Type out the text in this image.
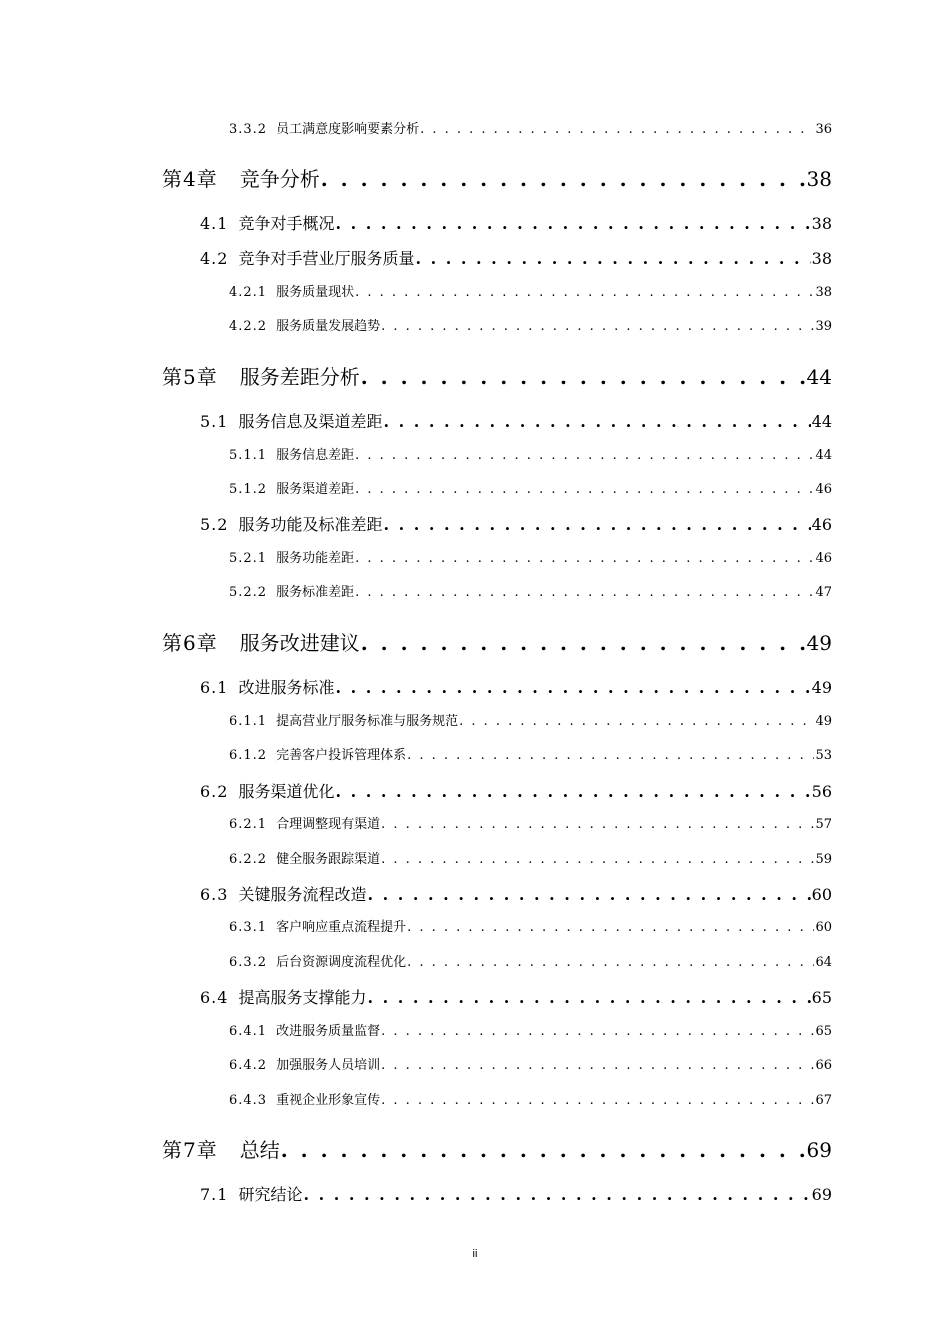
3.3.2 员工满意度影响要素分析 . . .	36
第4章 竞争分析 . . .	38
4.1 竞争对手概况 . . .	38
4.2 竞争对手营业厅服务质量 . . .	38
4.2.1 服务质量现状 . . .	38
4.2.2 服务质量发展趋势 . . .	39
第5章 服务差距分析 . . .	44
5.1 服务信息及渠道差距 . . .	44
5.1.1 服务信息差距 . . .	44
5.1.2 服务渠道差距 . . .	46
5.2 服务功能及标准差距 . . .	46
5.2.1 服务功能差距 . . .	46
5.2.2 服务标准差距 . . .	47
第6章 服务改进建议 . . .	49
6.1 改进服务标准 . . .	49
6.1.1 提高营业厅服务标准与服务规范 . . .	49
6.1.2 完善客户投诉管理体系 . . .	53
6.2 服务渠道优化 . . .	56
6.2.1 合理调整现有渠道 . . .	57
6.2.2 健全服务跟踪渠道 . . .	59
6.3 关键服务流程改造 . . .	60
6.3.1 客户响应重点流程提升 . . .	60
6.3.2 后台资源调度流程优化 . . .	64
6.4 提高服务支撑能力 . . .	65
6.4.1 改进服务质量监督 . . .	65
6.4.2 加强服务人员培训 . . .	66
6.4.3 重视企业形象宣传 . . .	67
第7章 总结 . . .	69
7.1 研究结论 . . .	69
ii
